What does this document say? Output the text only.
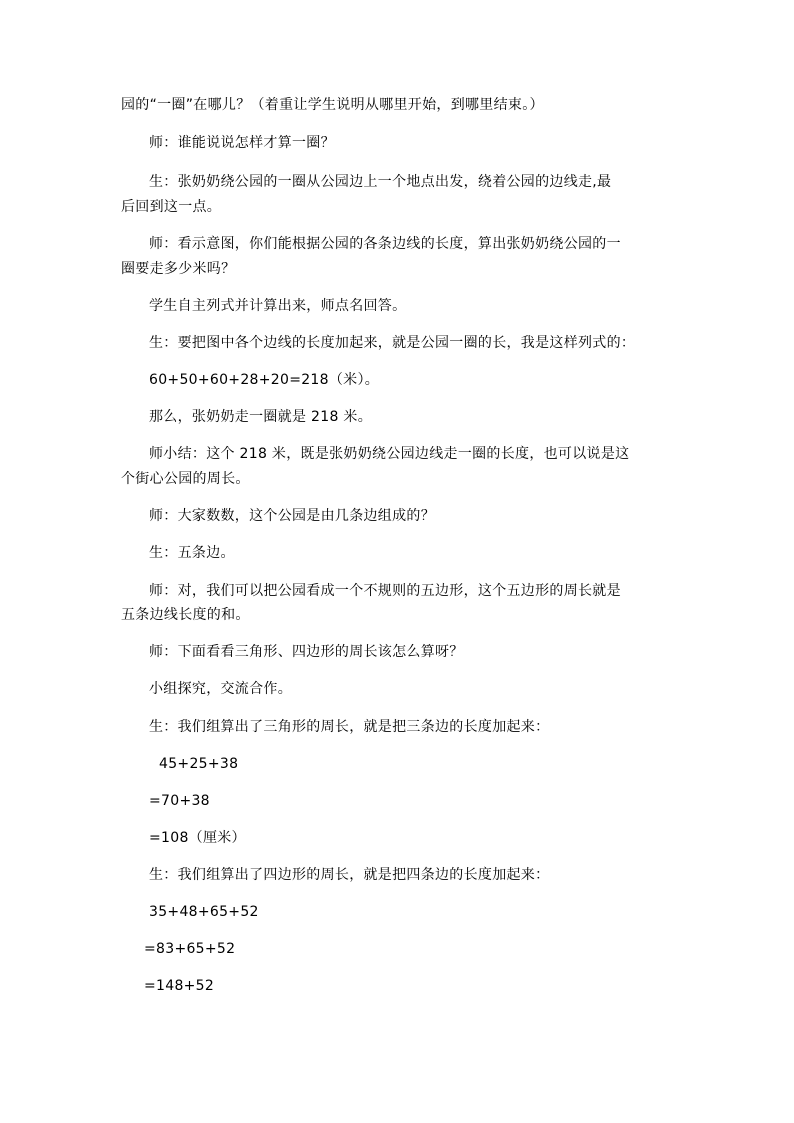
园的“一圈”在哪儿？（着重让学生说明从哪里开始，到哪里结束。）
师：谁能说说怎样才算一圈？
生：张奶奶绕公园的一圈从公园边上一个地点出发，绕着公园的边线走,最
后回到这一点。
师：看示意图，你们能根据公园的各条边线的长度，算出张奶奶绕公园的一
圈要走多少米吗？
学生自主列式并计算出来，师点名回答。
生：要把图中各个边线的长度加起来，就是公园一圈的长，我是这样列式的：
60+50+60+28+20=218（米）。
那么，张奶奶走一圈就是 218 米。
师小结：这个 218 米，既是张奶奶绕公园边线走一圈的长度，也可以说是这
个街心公园的周长。
师：大家数数，这个公园是由几条边组成的？
生：五条边。
师：对，我们可以把公园看成一个不规则的五边形，这个五边形的周长就是
五条边线长度的和。
师：下面看看三角形、四边形的周长该怎么算呀？
小组探究，交流合作。
生：我们组算出了三角形的周长，就是把三条边的长度加起来：
45+25+38
=70+38
=108（厘米）
生：我们组算出了四边形的周长，就是把四条边的长度加起来：
35+48+65+52
=83+65+52
=148+52
